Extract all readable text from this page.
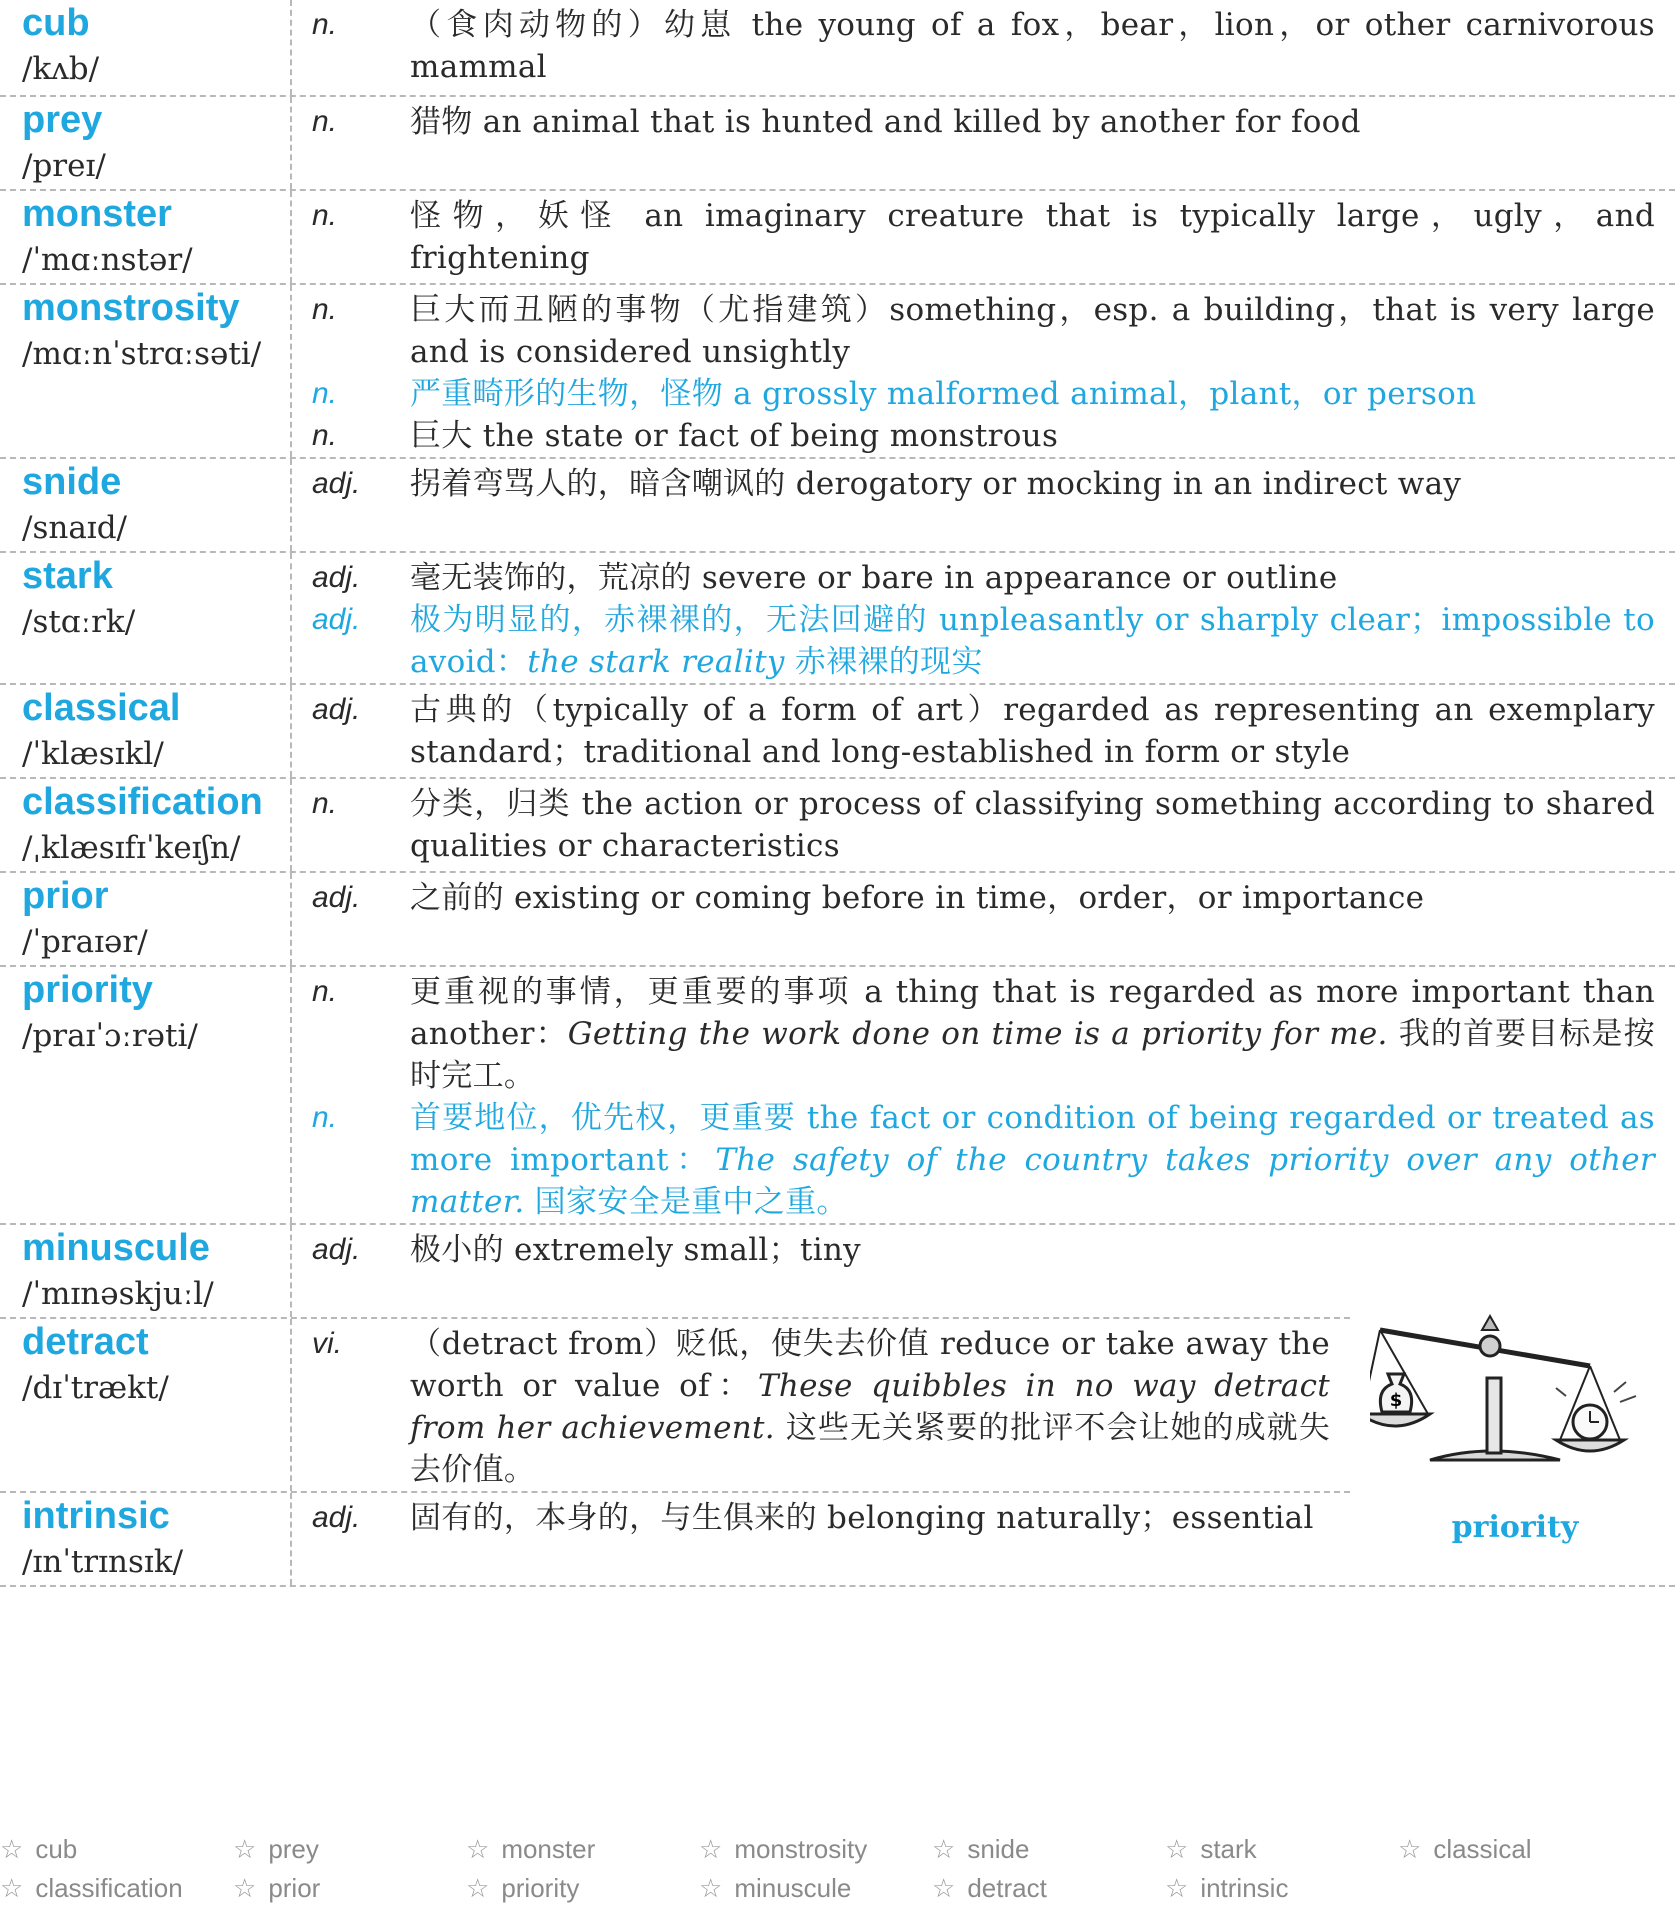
cub
/kʌb/
n.	（食肉动物的）幼崽 the young of a fox，bear，lion，or other carnivorous mammal
prey
/preɪ/
n.	猎物 an animal that is hunted and killed by another for food
monster
/ˈmɑːnstər/
n.	怪物，妖怪 an imaginary creature that is typically large，ugly，and frightening
monstrosity
/mɑːnˈstrɑːsəti/
n.	巨大而丑陋的事物（尤指建筑）something，esp. a building，that is very large and is considered unsightly
n.	严重畸形的生物，怪物 a grossly malformed animal，plant，or person
n.	巨大 the state or fact of being monstrous
snide
/snaɪd/
adj.	拐着弯骂人的，暗含嘲讽的 derogatory or mocking in an indirect way
stark
/stɑːrk/
adj.	毫无装饰的，荒凉的 severe or bare in appearance or outline
adj.	极为明显的，赤裸裸的，无法回避的 unpleasantly or sharply clear；impossible to avoid：the stark reality 赤裸裸的现实
classical
/ˈklæsɪkl/
adj.	古典的（typically of a form of art）regarded as representing an exemplary standard；traditional and long-established in form or style
classification
/ˌklæsɪfɪˈkeɪʃn/
n.	分类，归类 the action or process of classifying something according to shared qualities or characteristics
prior
/ˈpraɪər/
adj.	之前的 existing or coming before in time，order，or importance
priority
/praɪˈɔːrəti/
n.	更重视的事情，更重要的事项 a thing that is regarded as more important than another：Getting the work done on time is a priority for me. 我的首要目标是按时完工。
n.	首要地位，优先权，更重要 the fact or condition of being regarded or treated as more important：The safety of the country takes priority over any other matter. 国家安全是重中之重。
minuscule
/ˈmɪnəskjuːl/
adj.	极小的 extremely small；tiny
detract
/dɪˈtrækt/
vi.	（detract from）贬低，使失去价值 reduce or take away the worth or value of：These quibbles in no way detract from her achievement. 这些无关紧要的批评不会让她的成就失去价值。
intrinsic
/ɪnˈtrɪnsɪk/
adj.	固有的，本身的，与生俱来的 belonging naturally；essential
$
priority
☆ cub	☆ prey	☆ monster	☆ monstrosity ☆ snide	☆ stark	☆ classical
☆ classification ☆ prior	☆ priority	☆ minuscule	☆ detract	☆ intrinsic
